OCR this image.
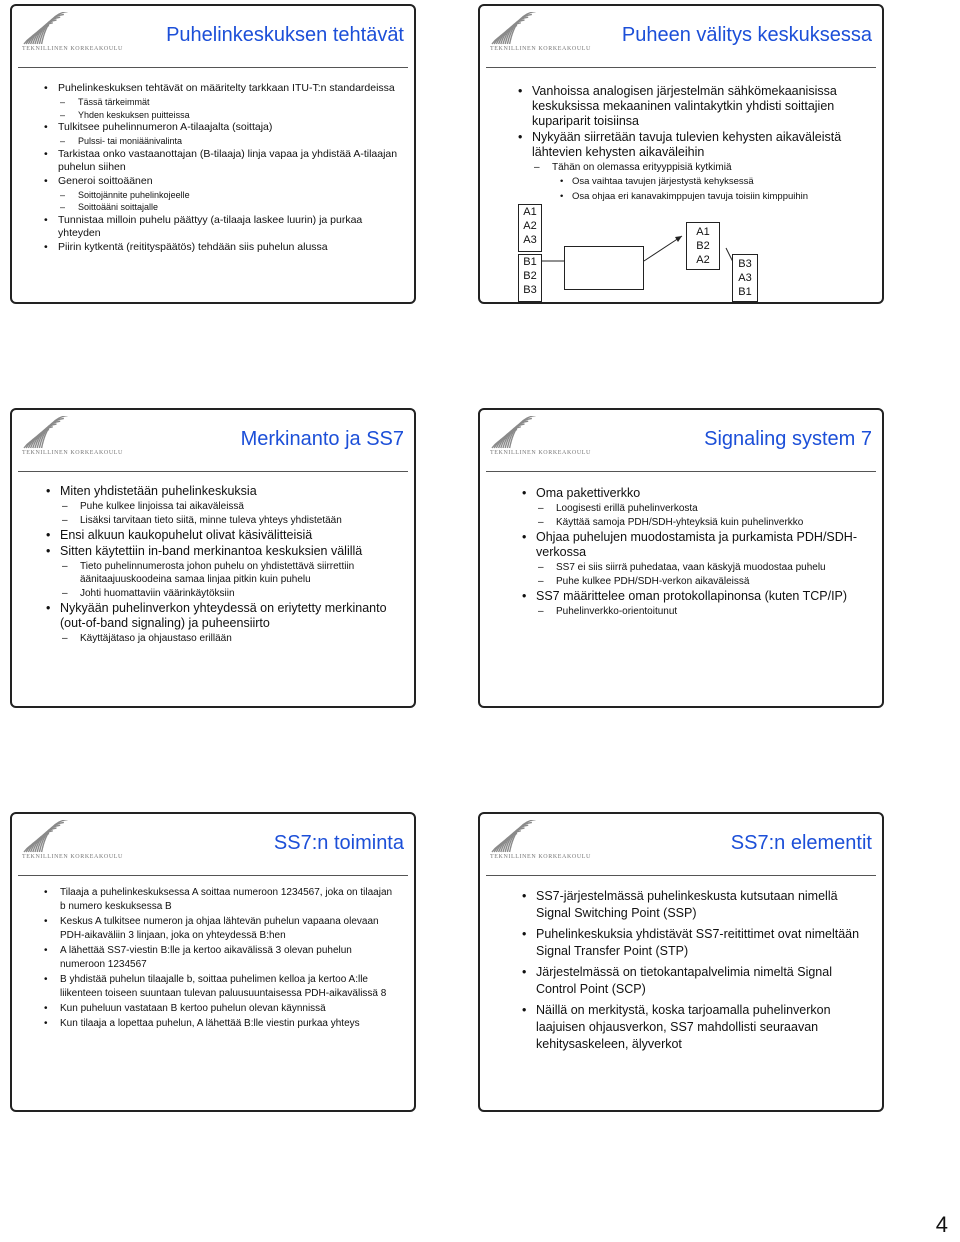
TEKNILLINEN KORKEAKOULU
Puhelinkeskuksen tehtävät
• Puhelinkeskuksen tehtävät on määritelty tarkkaan ITU-T:n standardeissa
– Tässä tärkeimmät
– Yhden keskuksen puitteissa
• Tulkitsee puhelinnumeron A-tilaajalta (soittaja)
– Pulssi- tai moniäänivalinta
• Tarkistaa onko vastaanottajan (B-tilaaja) linja vapaa ja yhdistää A-tilaajan puhelun siihen
• Generoi soittoäänen
– Soittojännite puhelinkojeelle
– Soittoääni soittajalle
• Tunnistaa milloin puhelu päättyy (a-tilaaja laskee luurin) ja purkaa yhteyden
• Piirin kytkentä (reitityspäätös) tehdään siis puhelun alussa
TEKNILLINEN KORKEAKOULU
Puheen välitys keskuksessa
• Vanhoissa analogisen järjestelmän sähkömekaanisissa keskuksissa mekaaninen valintakytkin yhdisti soittajien kupariparit toisiinsa
• Nykyään siirretään tavuja tulevien kehysten aikaväleistä lähtevien kehysten aikaväleihin
– Tähän on olemassa erityyppisiä kytkimiä
• Osa vaihtaa tavujen järjestystä kehyksessä
• Osa ohjaa eri kanavakimppujen tavuja toisiin kimppuihin
A1
A2
A3
B1
B2
B3
A1
B2
A2	B3
A3
B1
TEKNILLINEN KORKEAKOULU
Merkinanto ja SS7
• Miten yhdistetään puhelinkeskuksia
– Puhe kulkee linjoissa tai aikaväleissä
– Lisäksi tarvitaan tieto siitä, minne tuleva yhteys yhdistetään
• Ensi alkuun kaukopuhelut olivat käsivälitteisiä
• Sitten käytettiin in-band merkinantoa keskuksien välillä
– Tieto puhelinnumerosta johon puhelu on yhdistettävä siirrettiin äänitaajuuskoodeina samaa linjaa pitkin kuin puhelu
– Johti huomattaviin väärinkäytöksiin
• Nykyään puhelinverkon yhteydessä on eriytetty merkinanto (out-of-band signaling) ja puheensiirto
– Käyttäjätaso ja ohjaustaso erillään
TEKNILLINEN KORKEAKOULU
Signaling system 7
• Oma pakettiverkko
– Loogisesti erillä puhelinverkosta
– Käyttää samoja PDH/SDH-yhteyksiä kuin puhelinverkko
• Ohjaa puhelujen muodostamista ja purkamista PDH/SDH-verkossa
– SS7 ei siis siirrä puhedataa, vaan käskyjä muodostaa puhelu
– Puhe kulkee PDH/SDH-verkon aikaväleissä
• SS7 määrittelee oman protokollapinonsa (kuten TCP/IP)
– Puhelinverkko-orientoitunut
TEKNILLINEN KORKEAKOULU
SS7:n toiminta
• Tilaaja a puhelinkeskuksessa A soittaa numeroon 1234567, joka on tilaajan b numero keskuksessa B
• Keskus A tulkitsee numeron ja ohjaa lähtevän puhelun vapaana olevaan PDH-aikaväliin 3 linjaan, joka on yhteydessä B:hen
• A lähettää SS7-viestin B:lle ja kertoo aikavälissä 3 olevan puhelun numeroon 1234567
• B yhdistää puhelun tilaajalle b, soittaa puhelimen kelloa ja kertoo A:lle liikenteen toiseen suuntaan tulevan paluusuuntaisessa PDH-aikavälissä 8
• Kun puheluun vastataan B kertoo puhelun olevan käynnissä
• Kun tilaaja a lopettaa puhelun, A lähettää B:lle viestin purkaa yhteys
TEKNILLINEN KORKEAKOULU
SS7:n elementit
• SS7-järjestelmässä puhelinkeskusta kutsutaan nimellä Signal Switching Point (SSP)
• Puhelinkeskuksia yhdistävät SS7-reitittimet ovat nimeltään Signal Transfer Point (STP)
• Järjestelmässä on tietokantapalvelimia nimeltä Signal Control Point (SCP)
• Näillä on merkitystä, koska tarjoamalla puhelinverkon laajuisen ohjausverkon, SS7 mahdollisti seuraavan kehitysaskeleen, älyverkot
4
